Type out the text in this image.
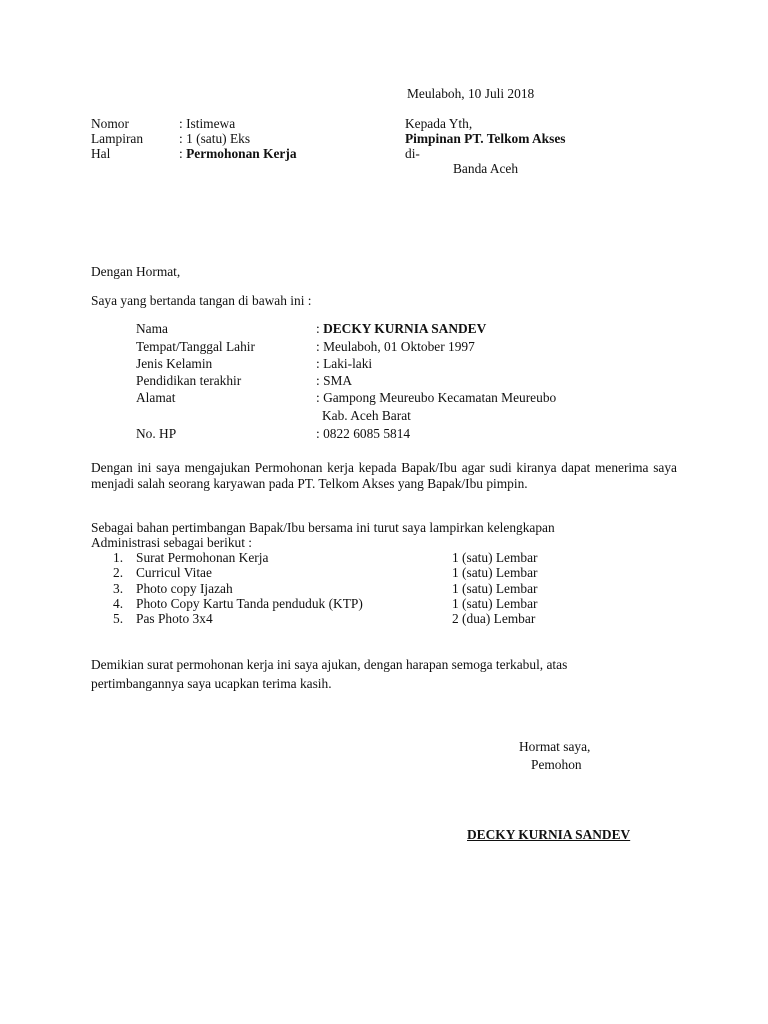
Meulaboh, 10 Juli 2018
Nomor	: Istimewa
Lampiran	: 1 (satu) Eks
Hal	: Permohonan Kerja
Kepada Yth,
Pimpinan PT. Telkom Akses
di-
Banda Aceh
Dengan Hormat,
Saya yang bertanda tangan di bawah ini :
Nama	: DECKY KURNIA SANDEV
Tempat/Tanggal Lahir	: Meulaboh, 01 Oktober 1997
Jenis Kelamin	: Laki-laki
Pendidikan terakhir	: SMA
Alamat	: Gampong Meureubo Kecamatan Meureubo
Kab. Aceh Barat
No. HP	: 0822 6085 5814
Dengan ini saya mengajukan Permohonan kerja kepada Bapak/Ibu agar sudi kiranya dapat menerima saya menjadi salah seorang karyawan pada PT. Telkom Akses yang Bapak/Ibu pimpin.
Sebagai bahan pertimbangan Bapak/Ibu bersama ini turut saya lampirkan kelengkapan
Administrasi sebagai berikut :
1. Surat Permohonan Kerja	1 (satu) Lembar
2. Curricul Vitae	1 (satu) Lembar
3. Photo copy Ijazah	1 (satu) Lembar
4. Photo Copy Kartu Tanda penduduk (KTP)	1 (satu) Lembar
5. Pas Photo 3x4	2 (dua) Lembar
Demikian surat permohonan kerja ini saya ajukan, dengan harapan semoga terkabul, atas
pertimbangannya saya ucapkan terima kasih.
Hormat saya,
Pemohon
DECKY KURNIA SANDEV
